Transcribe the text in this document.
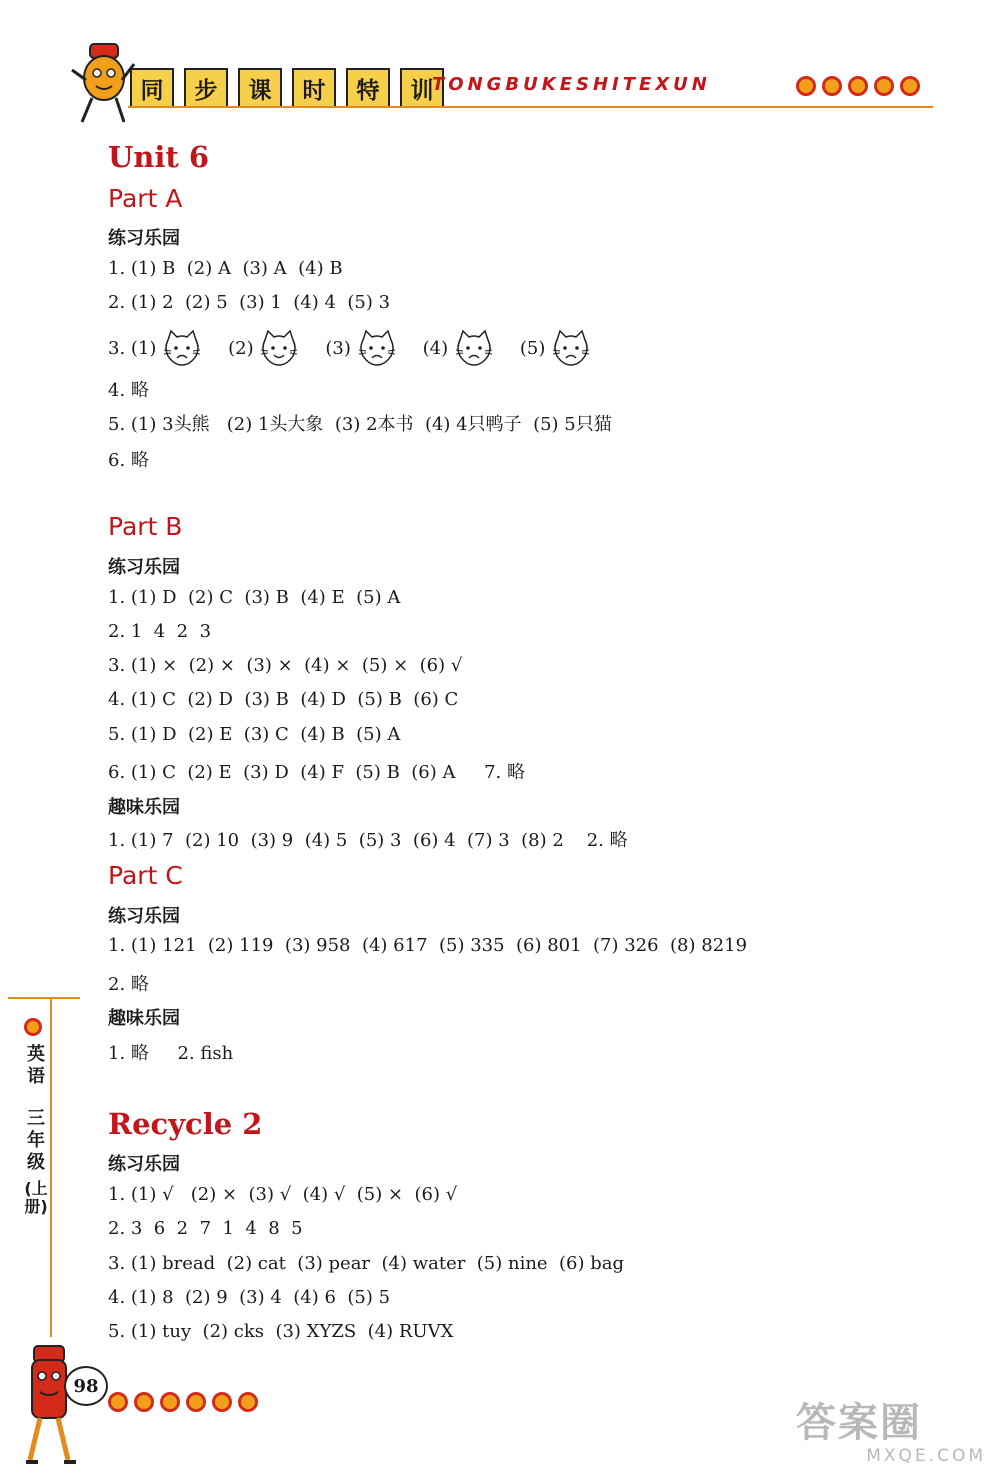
同	步	课	时	特	训
TONGBUKESHITEXUN
英语
三年级
(上册)
Unit 6
Part A
练习乐园
1. (1) B  (2) A  (3) A  (4) B
2. (1) 2  (2) 5  (3) 1  (4) 4  (5) 3
3.
(1)
	(2)
	(3)
	(4)
	(5)

4. 略
5. (1) 3头熊   (2) 1头大象  (3) 2本书  (4) 4只鸭子  (5) 5只猫
6. 略
Part B
练习乐园
1. (1) D  (2) C  (3) B  (4) E  (5) A
2. 1  4  2  3
3. (1) ×  (2) ×  (3) ×  (4) ×  (5) ×  (6) √
4. (1) C  (2) D  (3) B  (4) D  (5) B  (6) C
5. (1) D  (2) E  (3) C  (4) B  (5) A
6. (1) C  (2) E  (3) D  (4) F  (5) B  (6) A     7. 略
趣味乐园
1. (1) 7  (2) 10  (3) 9  (4) 5  (5) 3  (6) 4  (7) 3  (8) 2    2. 略
Part C
练习乐园
1. (1) 121  (2) 119  (3) 958  (4) 617  (5) 335  (6) 801  (7) 326  (8) 8219
2. 略
趣味乐园
1. 略     2. fish
Recycle 2
练习乐园
1. (1) √   (2) ×  (3) √  (4) √  (5) ×  (6) √
2. 3  6  2  7  1  4  8  5
3. (1) bread  (2) cat  (3) pear  (4) water  (5) nine  (6) bag
4. (1) 8  (2) 9  (3) 4  (4) 6  (5) 5
5. (1) tuy  (2) cks  (3) XYZS  (4) RUVX
98
答案圈
MXQE.COM
